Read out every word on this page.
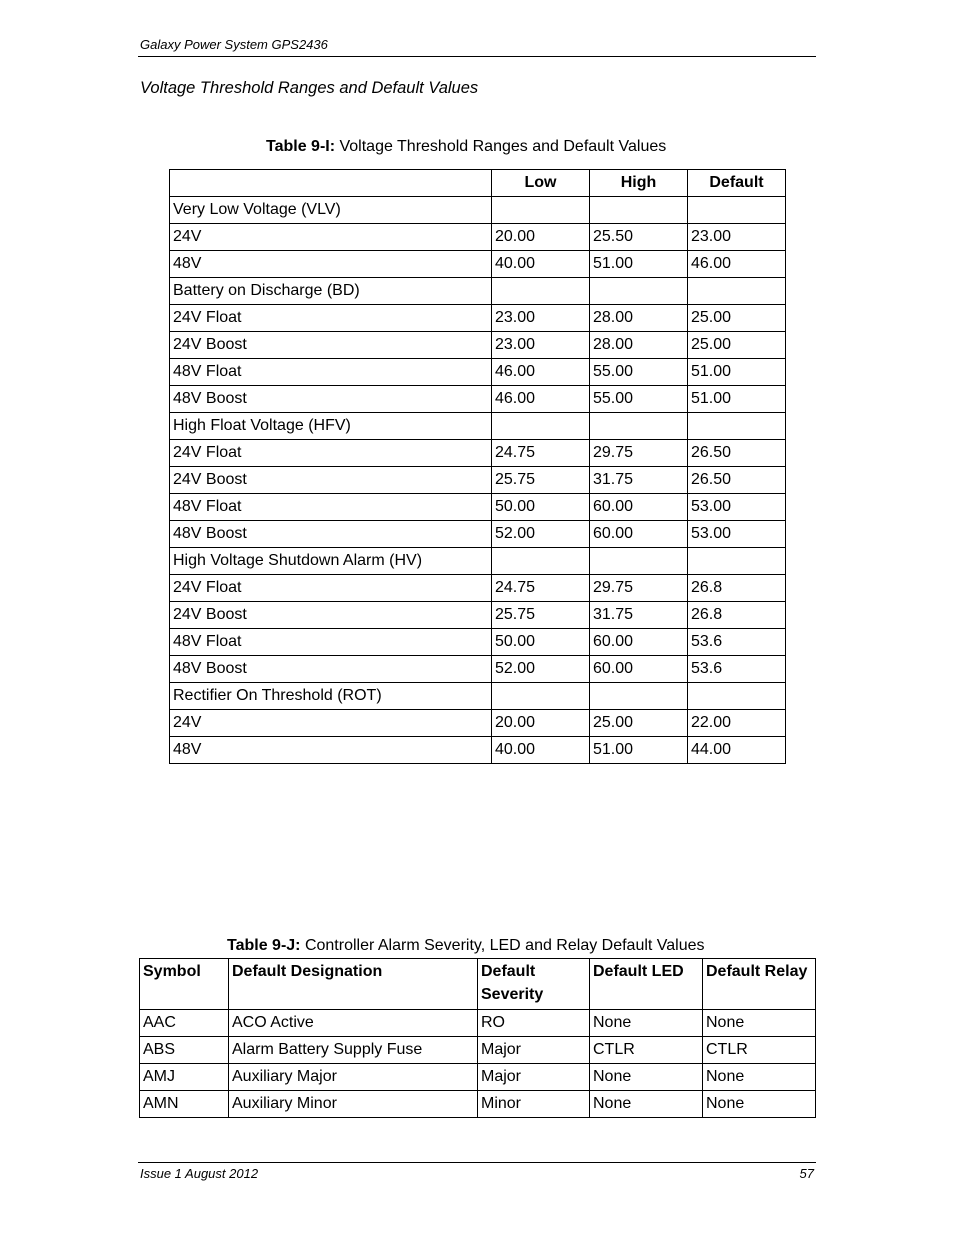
Galaxy Power System GPS2436
Voltage Threshold Ranges and Default Values
Table 9-I: Voltage Threshold Ranges and Default Values
	Low	High	Default
Very Low Voltage (VLV)			
24V	20.00	25.50	23.00
48V	40.00	51.00	46.00
Battery on Discharge (BD)			
24V Float	23.00	28.00	25.00
24V Boost	23.00	28.00	25.00
48V Float	46.00	55.00	51.00
48V Boost	46.00	55.00	51.00
High Float Voltage (HFV)			
24V Float	24.75	29.75	26.50
24V Boost	25.75	31.75	26.50
48V Float	50.00	60.00	53.00
48V Boost	52.00	60.00	53.00
High Voltage Shutdown Alarm (HV)			
24V Float	24.75	29.75	26.8
24V Boost	25.75	31.75	26.8
48V Float	50.00	60.00	53.6
48V Boost	52.00	60.00	53.6
Rectifier On Threshold (ROT)			
24V	20.00	25.00	22.00
48V	40.00	51.00	44.00
Table 9-J: Controller Alarm Severity, LED and Relay Default Values
Symbol	Default Designation	Default Severity	Default LED	Default Relay
AAC	ACO Active	RO	None	None
ABS	Alarm Battery Supply Fuse	Major	CTLR	CTLR
AMJ	Auxiliary Major	Major	None	None
AMN	Auxiliary Minor	Minor	None	None
Issue 1 August 2012	57
